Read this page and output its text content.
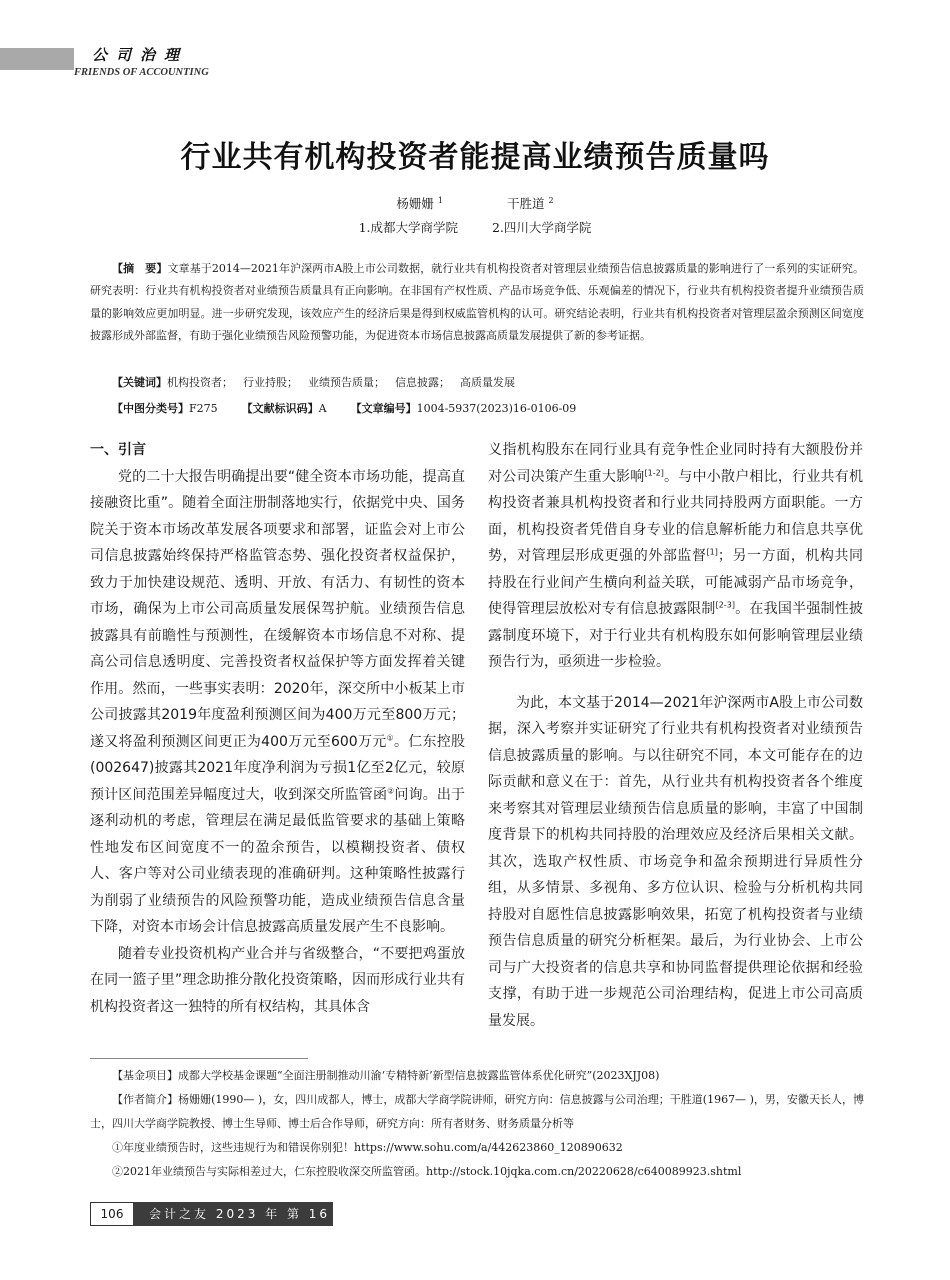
公司治理
FRIENDS OF ACCOUNTING
行业共有机构投资者能提高业绩预告质量吗
杨姗姗 $^1$	干胜道 $^2$
1.成都大学商学院	2.四川大学商学院
【摘　要】文章基于2014—2021年沪深两市A股上市公司数据，就行业共有机构投资者对管理层业绩预告信息披露质量的影响进行了一系列的实证研究。研究表明：行业共有机构投资者对业绩预告质量具有正向影响。在非国有产权性质、产品市场竞争低、乐观偏差的情况下，行业共有机构投资者提升业绩预告质量的影响效应更加明显。进一步研究发现，该效应产生的经济后果是得到权威监管机构的认可。研究结论表明，行业共有机构投资者对管理层盈余预测区间宽度披露形成外部监督，有助于强化业绩预告风险预警功能，为促进资本市场信息披露高质量发展提供了新的参考证据。
【关键词】机构投资者； 行业持股； 业绩预告质量； 信息披露； 高质量发展
【中图分类号】F275 【文献标识码】A 【文章编号】1004-5937(2023)16-0106-09
一、引言

党的二十大报告明确提出要“健全资本市场功能，提高直接融资比重”。随着全面注册制落地实行，依据党中央、国务院关于资本市场改革发展各项要求和部署，证监会对上市公司信息披露始终保持严格监管态势、强化投资者权益保护，致力于加快建设规范、透明、开放、有活力、有韧性的资本市场，确保为上市公司高质量发展保驾护航。业绩预告信息披露具有前瞻性与预测性，在缓解资本市场信息不对称、提高公司信息透明度、完善投资者权益保护等方面发挥着关键作用。然而，一些事实表明：2020年，深交所中小板某上市公司披露其2019年度盈利预测区间为400万元至800万元；遂又将盈利预测区间更正为400万元至600万元①。仁东控股(002647)披露其2021年度净利润为亏损1亿至2亿元，较原预计区间范围差异幅度过大，收到深交所监管函②问询。出于逐利动机的考虑，管理层在满足最低监管要求的基础上策略性地发布区间宽度不一的盈余预告，以模糊投资者、债权人、客户等对公司业绩表现的准确研判。这种策略性披露行为削弱了业绩预告的风险预警功能，造成业绩预告信息含量下降，对资本市场会计信息披露高质量发展产生不良影响。

随着专业投资机构产业合并与省级整合，“不要把鸡蛋放在同一篮子里”理念助推分散化投资策略，因而形成行业共有机构投资者这一独特的所有权结构，其具体含

义指机构股东在同行业具有竞争性企业同时持有大额股份并对公司决策产生重大影响[1-2]。与中小散户相比，行业共有机构投资者兼具机构投资者和行业共同持股两方面职能。一方面，机构投资者凭借自身专业的信息解析能力和信息共享优势，对管理层形成更强的外部监督[1]；另一方面，机构共同持股在行业间产生横向利益关联，可能减弱产品市场竞争，使得管理层放松对专有信息披露限制[2-3]。在我国半强制性披露制度环境下，对于行业共有机构股东如何影响管理层业绩预告行为，亟须进一步检验。

为此，本文基于2014—2021年沪深两市A股上市公司数据，深入考察并实证研究了行业共有机构投资者对业绩预告信息披露质量的影响。与以往研究不同，本文可能存在的边际贡献和意义在于：首先，从行业共有机构投资者各个维度来考察其对管理层业绩预告信息质量的影响，丰富了中国制度背景下的机构共同持股的治理效应及经济后果相关文献。其次，选取产权性质、市场竞争和盈余预期进行异质性分组，从多情景、多视角、多方位认识、检验与分析机构共同持股对自愿性信息披露影响效果，拓宽了机构投资者与业绩预告信息质量的研究分析框架。最后，为行业协会、上市公司与广大投资者的信息共享和协同监督提供理论依据和经验支撑，有助于进一步规范公司治理结构，促进上市公司高质量发展。

【基金项目】成都大学校基金课题“全面注册制推动川渝‘专精特新’新型信息披露监管体系优化研究”(2023XJJ08)

【作者简介】杨姗姗(1990— )，女，四川成都人，博士，成都大学商学院讲师，研究方向：信息披露与公司治理；干胜道(1967— )，男，安徽天长人，博士，四川大学商学院教授、博士生导师、博士后合作导师，研究方向：所有者财务、财务质量分析等

①年度业绩预告时，这些违规行为和错误你别犯！https://www.sohu.com/a/442623860_120890632

②2021年业绩预告与实际相差过大，仁东控股收深交所监管函。http://stock.10jqka.com.cn/20220628/c640089923.shtml

106	会计之友 2023 年 第 16 期
